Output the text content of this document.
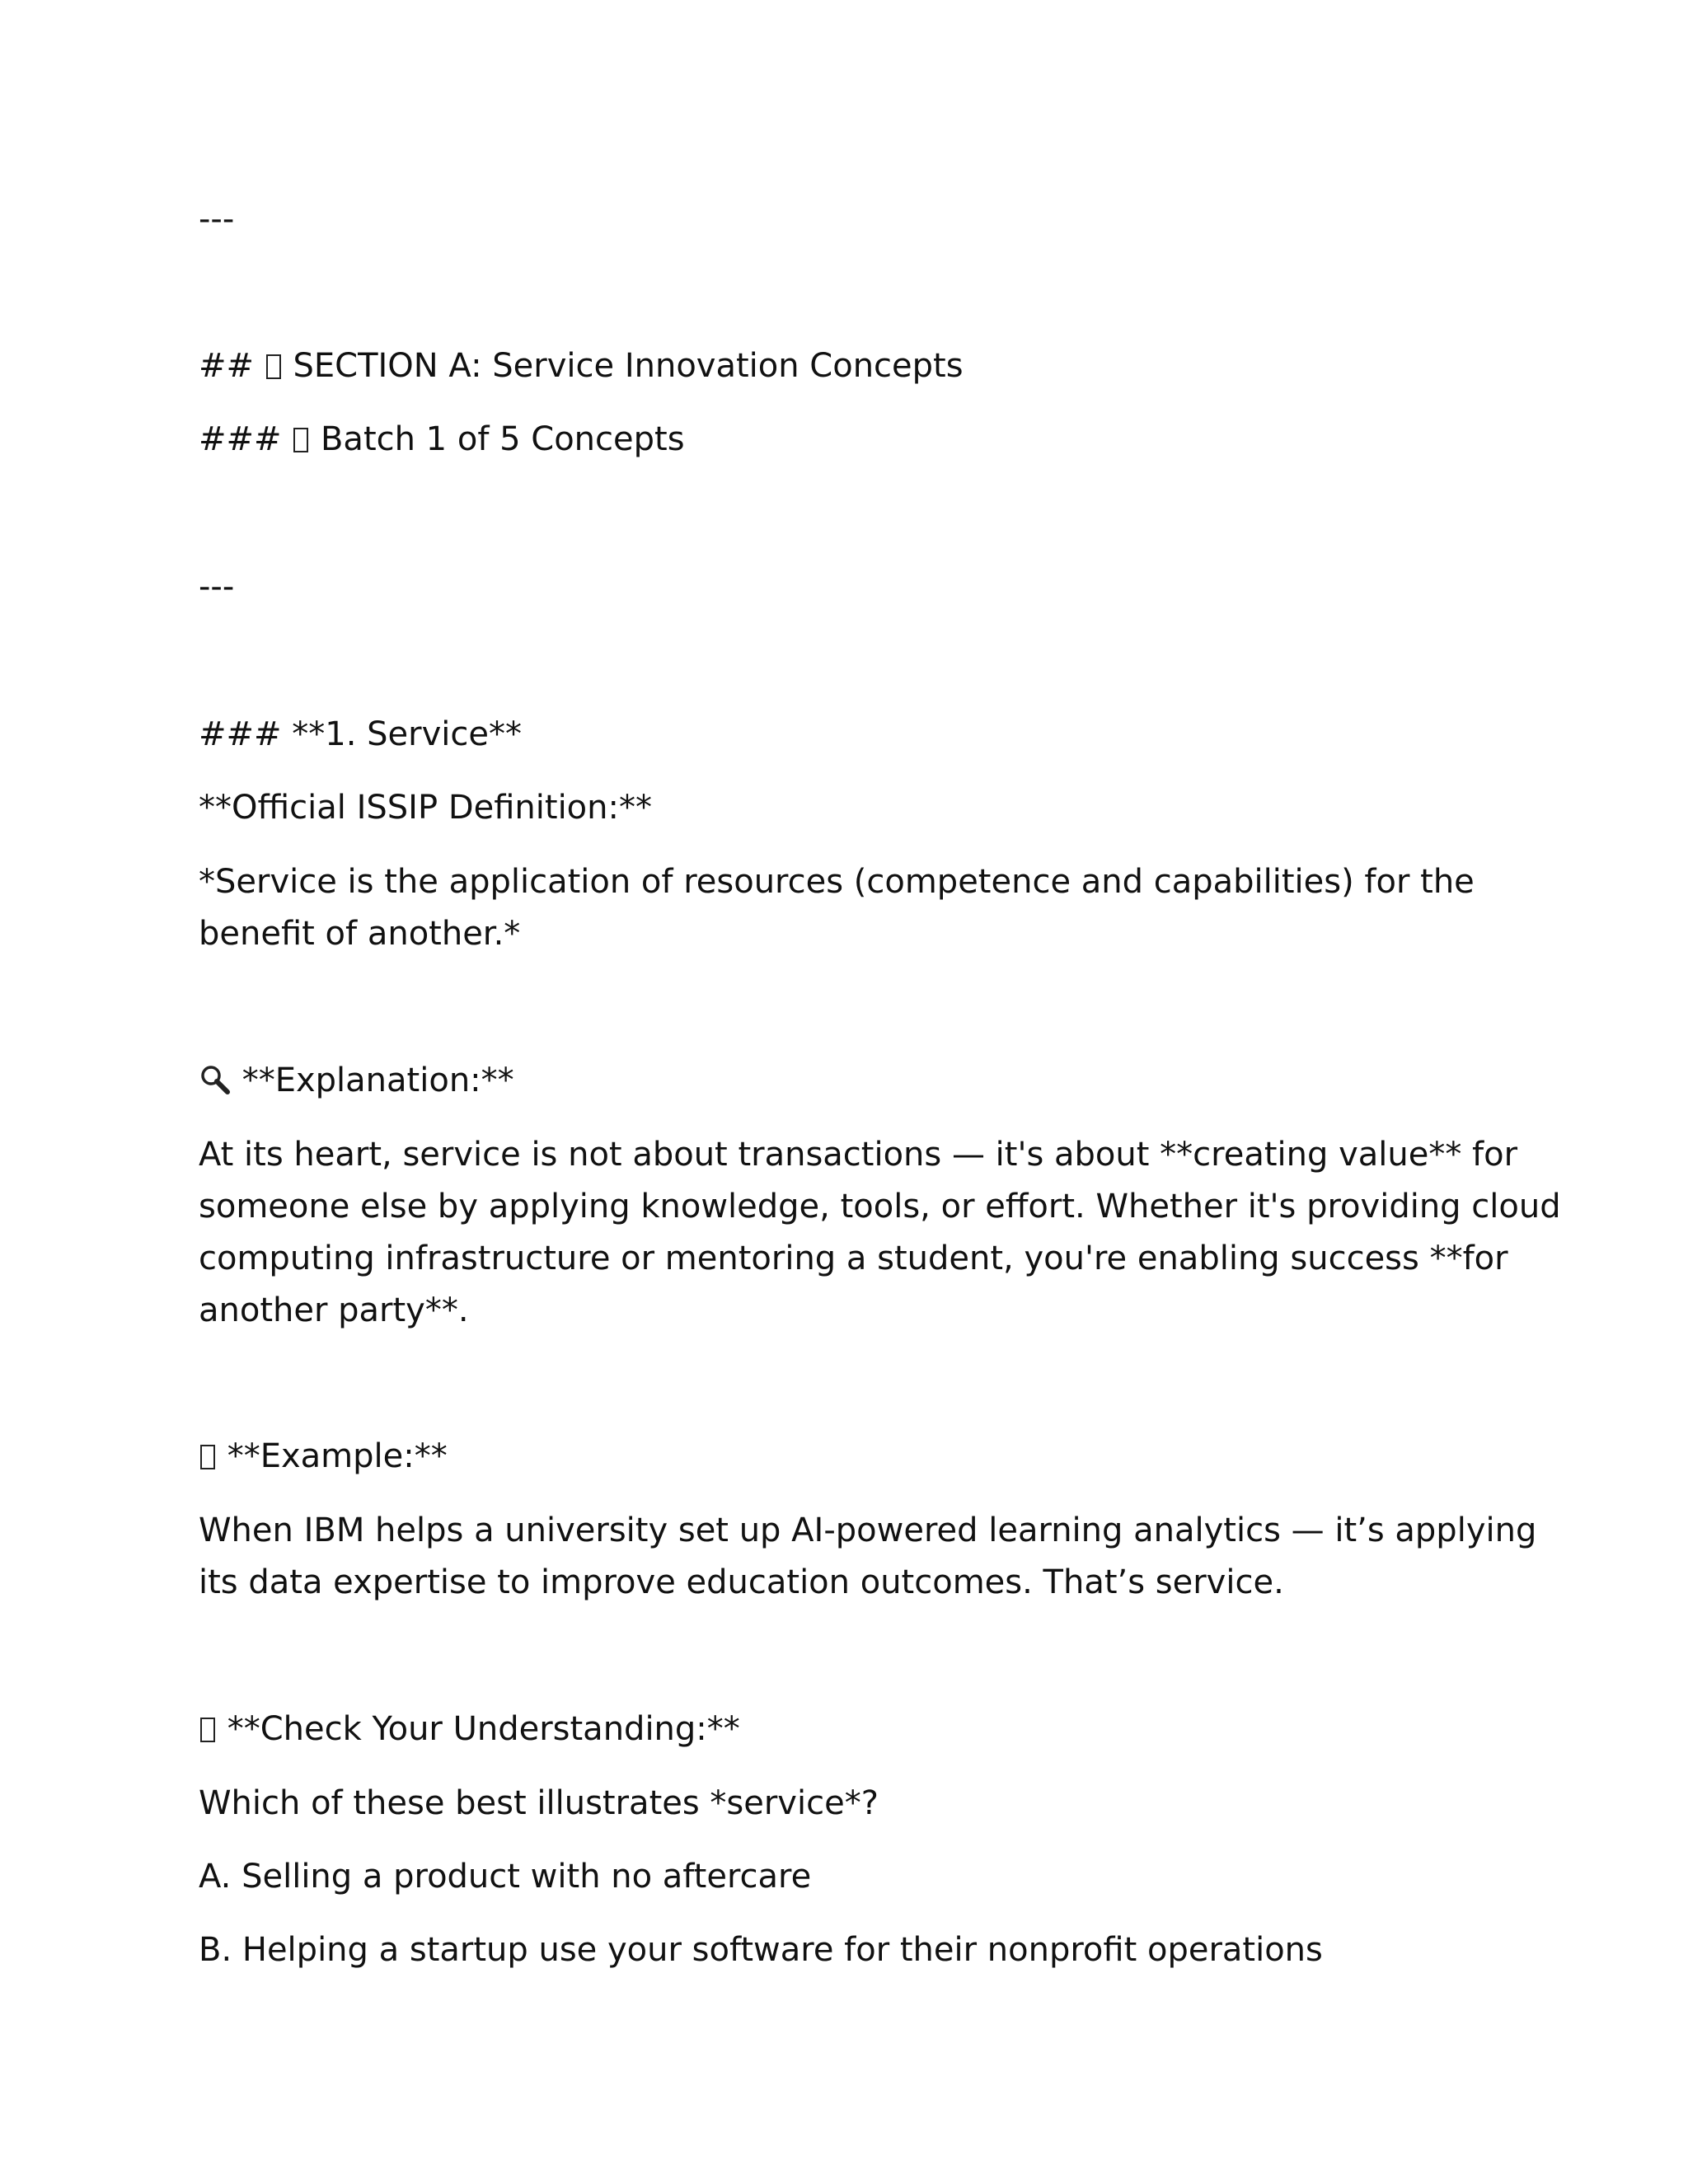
---

## SECTION A: Service Innovation Concepts

### Batch 1 of 5 Concepts

---

### **1. Service**

**Official ISSIP Definition:**

*Service is the application of resources (competence and capabilities) for the
benefit of another.*

**Explanation:**

At its heart, service is not about transactions — it's about **creating value** for
someone else by applying knowledge, tools, or effort. Whether it's providing cloud
computing infrastructure or mentoring a student, you're enabling success **for
another party**.

**Example:**

When IBM helps a university set up AI-powered learning analytics — it’s applying
its data expertise to improve education outcomes. That’s service.

**Check Your Understanding:**

Which of these best illustrates *service*?

A. Selling a product with no aftercare

B. Helping a startup use your software for their nonprofit operations
